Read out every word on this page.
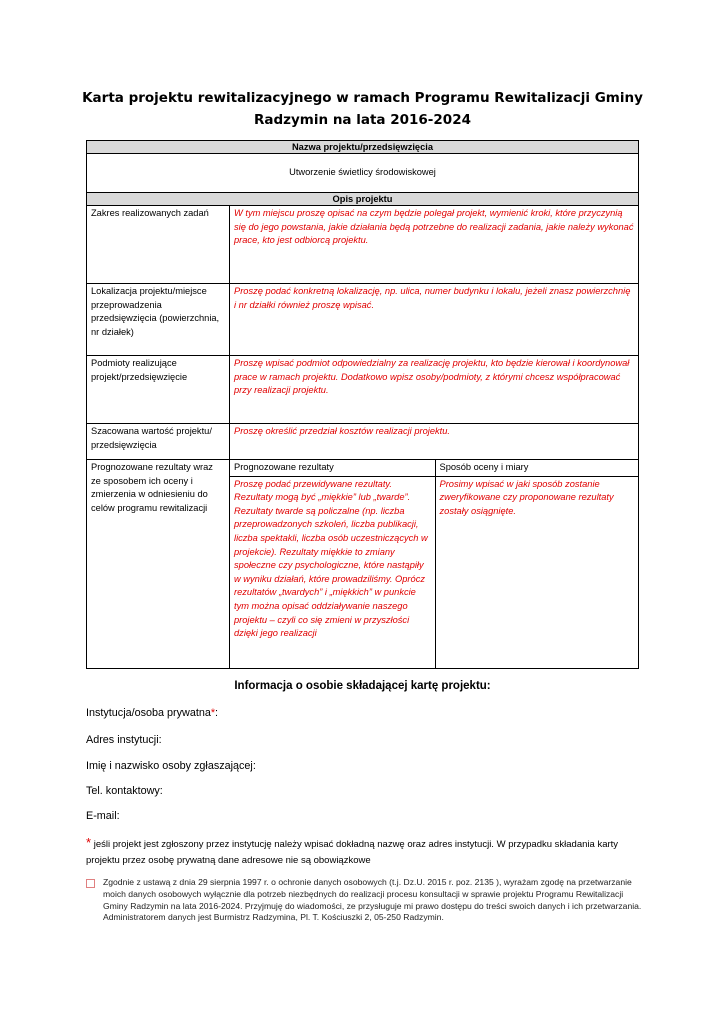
Karta projektu rewitalizacyjnego w ramach Programu Rewitalizacji Gminy
Radzymin na lata 2016-2024
Nazwa projektu/przedsięwzięcia
Utworzenie świetlicy środowiskowej
Opis projektu
Zakres realizowanych zadań	W tym miejscu proszę opisać na czym będzie polegał projekt, wymienić kroki, które przyczynią się do jego powstania, jakie działania będą potrzebne do realizacji zadania, jakie należy wykonać prace, kto jest odbiorcą projektu.
Lokalizacja projektu/miejsce przeprowadzenia przedsięwzięcia (powierzchnia, nr działek)	Proszę podać konkretną lokalizację, np. ulica, numer budynku i lokalu, jeżeli znasz powierzchnię i nr działki również proszę wpisać.
Podmioty realizujące projekt/przedsięwzięcie	Proszę wpisać podmiot odpowiedzialny za realizację projektu, kto będzie kierował i koordynował prace w ramach projektu. Dodatkowo wpisz osoby/podmioty, z którymi chcesz współpracować przy realizacji projektu.
Szacowana wartość projektu/ przedsięwzięcia	Proszę określić przedział kosztów realizacji projektu.
Prognozowane rezultaty wraz ze sposobem ich oceny i zmierzenia w odniesieniu do celów programu rewitalizacji	
Prognozowane rezultaty	Sposób oceny i miary
Proszę podać przewidywane rezultaty. Rezultaty mogą być „miękkie” lub „twarde”. Rezultaty twarde są policzalne (np. liczba przeprowadzonych szkoleń, liczba publikacji, liczba spektakli, liczba osób uczestniczących w projekcie). Rezultaty miękkie to zmiany społeczne czy psychologiczne, które nastąpiły w wyniku działań, które prowadziliśmy. Oprócz rezultatów „twardych” i „miękkich” w punkcie tym można opisać oddziaływanie naszego projektu – czyli co się zmieni w przyszłości dzięki jego realizacji	Prosimy wpisać w jaki sposób zostanie zweryfikowane czy proponowane rezultaty zostały osiągnięte.
Informacja o osobie składającej kartę projektu:
Instytucja/osoba prywatna*:
Adres instytucji:
Imię i nazwisko osoby zgłaszającej:
Tel. kontaktowy:
E-mail:
* jeśli projekt jest zgłoszony przez instytucję należy wpisać dokładną nazwę oraz adres instytucji. W przypadku składania karty projektu przez osobę prywatną dane adresowe nie są obowiązkowe
Zgodnie z ustawą z dnia 29 sierpnia 1997 r. o ochronie danych osobowych (t.j. Dz.U. 2015 r. poz. 2135 ), wyrażam zgodę na przetwarzanie moich danych osobowych wyłącznie dla potrzeb niezbędnych do realizacji procesu konsultacji w sprawie projektu Programu Rewitalizacji Gminy Radzymin na lata 2016-2024. Przyjmuję do wiadomości, ze przysługuje mi prawo dostępu do treści swoich danych i ich przetwarzania. Administratorem danych jest Burmistrz Radzymina, Pl. T. Kościuszki 2, 05-250 Radzymin.
